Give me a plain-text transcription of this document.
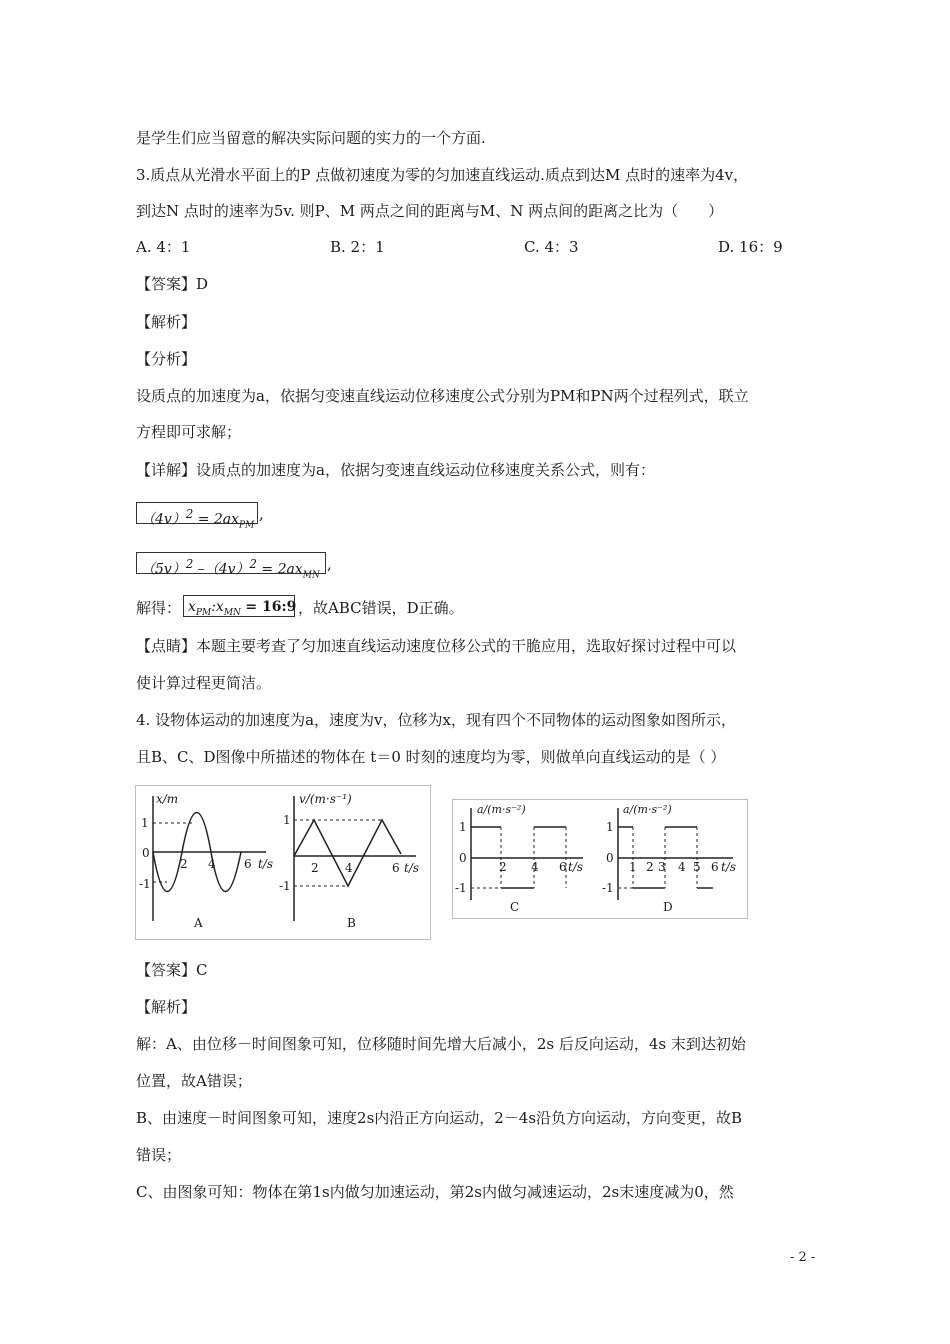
是学生们应当留意的解决实际问题的实力的一个方面.
3.质点从光滑水平面上的P 点做初速度为零的匀加速直线运动.质点到达M 点时的速率为4v，
到达N 点时的速率为5v. 则P、M 两点之间的距离与M、N 两点间的距离之比为（　　）
A. 4：1	B. 2：1	C. 4：3	D. 16：9
【答案】D
【解析】
【分析】
设质点的加速度为a，依据匀变速直线运动位移速度公式分别为PM和PN两个过程列式，联立
方程即可求解；
【详解】设质点的加速度为a，依据匀变速直线运动位移速度关系公式，则有：
$(4v)^2 = 2ax_{PM}$
,
$(5v)^2$ $-(4v)^2 = 2ax_{MN}$
,
解得： $x_{PM}:x_{MN}$ = 16:9 ，故ABC错误，D正确。
【点睛】本题主要考查了匀加速直线运动速度位移公式的干脆应用，选取好探讨过程中可以
使计算过程更简洁。
4. 设物体运动的加速度为a，速度为v，位移为x，现有四个不同物体的运动图象如图所示，
且B、C、D图像中所描述的物体在 t＝0 时刻的速度均为零，则做单向直线运动的是（ ）
x/m
1
0
-1
2 4 6 t/s
A
v/(m·s⁻¹)
1
-1
2 4	6 t/s
B
a/(m·s⁻²)
1
0
-1
2 4 6 t/s
C
a/(m·s⁻²)
1
0
-1
1 2 3 4 5 6 t/s
D
【答案】C
【解析】
解：A、由位移－时间图象可知，位移随时间先增大后减小，2s 后反向运动，4s 末到达初始
位置，故A错误；
B、由速度－时间图象可知，速度2s内沿正方向运动，2－4s沿负方向运动，方向变更，故B
错误；
C、由图象可知：物体在第1s内做匀加速运动，第2s内做匀减速运动，2s末速度减为0，然
- 2 -
